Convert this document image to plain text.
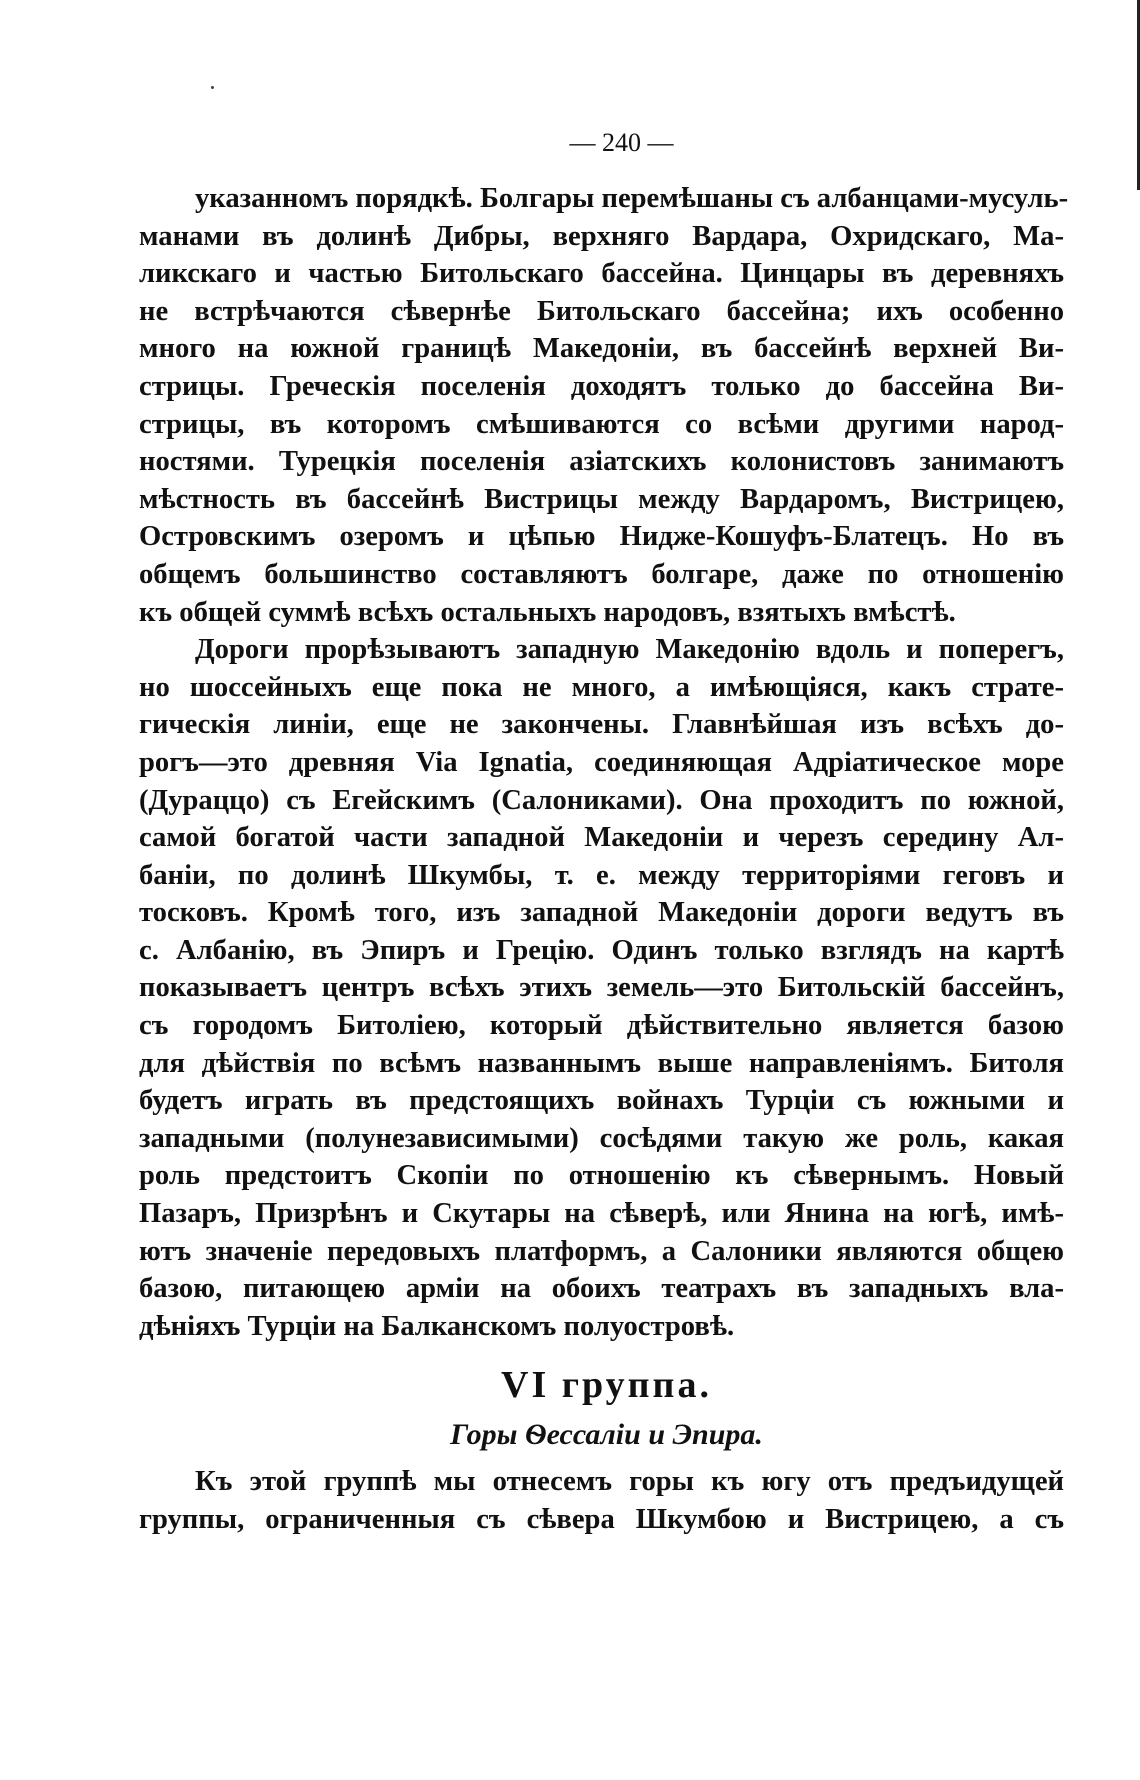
— 240 —
указанномъ порядкѣ. Болгары перемѣшаны съ албанцами-мусуль-
манами въ долинѣ Дибры, верхняго Вардара, Охридскаго, Ма-
ликскаго и частью Битольскаго бассейна. Цинцары въ деревняхъ
не встрѣчаются сѣвернѣе Битольскаго бассейна; ихъ особенно
много на южной границѣ Македоніи, въ бассейнѣ верхней Ви-
стрицы. Греческія поселенія доходятъ только до бассейна Ви-
стрицы, въ которомъ смѣшиваются со всѣми другими народ-
ностями. Турецкія поселенія азіатскихъ колонистовъ занимаютъ
мѣстность въ бассейнѣ Вистрицы между Вардаромъ, Вистрицею,
Островскимъ озеромъ и цѣпью Нидже-Кошуфъ-Блатецъ. Но въ
общемъ большинство составляютъ болгаре, даже по отношенію
къ общей суммѣ всѣхъ остальныхъ народовъ, взятыхъ вмѣстѣ.
Дороги прорѣзываютъ западную Македонію вдоль и поперегъ,
но шоссейныхъ еще пока не много, а имѣющіяся, какъ страте-
гическія линіи, еще не закончены. Главнѣйшая изъ всѣхъ до-
рогъ—это древняя Via Ignatia, соединяющая Адріатическое море
(Дураццо) съ Егейскимъ (Салониками). Она проходитъ по южной,
самой богатой части западной Македоніи и черезъ середину Ал-
баніи, по долинѣ Шкумбы, т. е. между территоріями геговъ и
тосковъ. Кромѣ того, изъ западной Македоніи дороги ведутъ въ
с. Албанію, въ Эпиръ и Грецію. Одинъ только взглядъ на картѣ
показываетъ центръ всѣхъ этихъ земель—это Битольскій бассейнъ,
съ городомъ Битоліею, который дѣйствительно является базою
для дѣйствія по всѣмъ названнымъ выше направленіямъ. Битоля
будетъ играть въ предстоящихъ войнахъ Турціи съ южными и
западными (полунезависимыми) сосѣдями такую же роль, какая
роль предстоитъ Скопіи по отношенію къ сѣвернымъ. Новый
Пазаръ, Призрѣнъ и Скутары на сѣверѣ, или Янина на югѣ, имѣ-
ютъ значеніе передовыхъ платформъ, а Салоники являются общею
базою, питающею арміи на обоихъ театрахъ въ западныхъ вла-
дѣніяхъ Турціи на Балканскомъ полуостровѣ.
VI группа.
Горы Ѳессаліи и Эпира.
Къ этой группѣ мы отнесемъ горы къ югу отъ предъидущей
группы, ограниченныя съ сѣвера Шкумбою и Вистрицею, а съ
